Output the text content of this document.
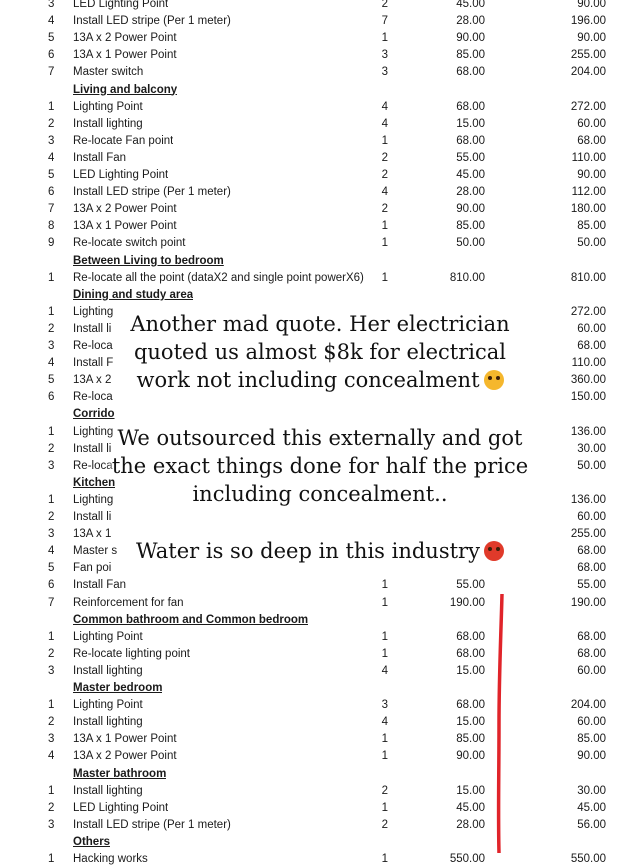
3 LED Lighting Point	2	45.00	90.00
4 Install LED stripe (Per 1 meter)	7	28.00	196.00
5 13A x 2 Power Point	1	90.00	90.00
6 13A x 1 Power Point	3	85.00	255.00
7 Master switch	3	68.00	204.00
Living and balcony
1 Lighting Point	4	68.00	272.00
2 Install lighting	4	15.00	60.00
3 Re-locate Fan point	1	68.00	68.00
4 Install Fan	2	55.00	110.00
5 LED Lighting Point	2	45.00	90.00
6 Install LED stripe (Per 1 meter)	4	28.00	112.00
7 13A x 2 Power Point	2	90.00	180.00
8 13A x 1 Power Point	1	85.00	85.00
9 Re-locate switch point	1	50.00	50.00
Between Living to bedroom
1 Re-locate all the point (dataX2 and single point powerX6)	1	810.00	810.00
Dining and study area
1 Lighting	272.00
2 Install li	60.00
3 Re-loca	68.00
4 Install F	110.00
5 13A x 2	360.00
6 Re-loca	150.00
Corrido
1 Lighting	136.00
2 Install li	30.00
3 Re-loca	50.00
Kitchen
1 Lighting	136.00
2 Install li	60.00
3 13A x 1	255.00
4 Master s	68.00
5 Fan poi	68.00
6 Install Fan	1	55.00	55.00
7 Reinforcement for fan	1	190.00	190.00
Common bathroom and Common bedroom
1 Lighting Point	1	68.00	68.00
2 Re-locate lighting point	1	68.00	68.00
3 Install lighting	4	15.00	60.00
Master bedroom
1 Lighting Point	3	68.00	204.00
2 Install lighting	4	15.00	60.00
3 13A x 1 Power Point	1	85.00	85.00
4 13A x 2 Power Point	1	90.00	90.00
Master bathroom
1 Install lighting	2	15.00	30.00
2 LED Lighting Point	1	45.00	45.00
3 Install LED stripe (Per 1 meter)	2	28.00	56.00
Others
1 Hacking works	1	550.00	550.00
Another mad quote. Her electrician
quoted us almost $8k for electrical
work not including concealment
We outsourced this externally and got
the exact things done for half the price
including concealment..
Water is so deep in this industry
